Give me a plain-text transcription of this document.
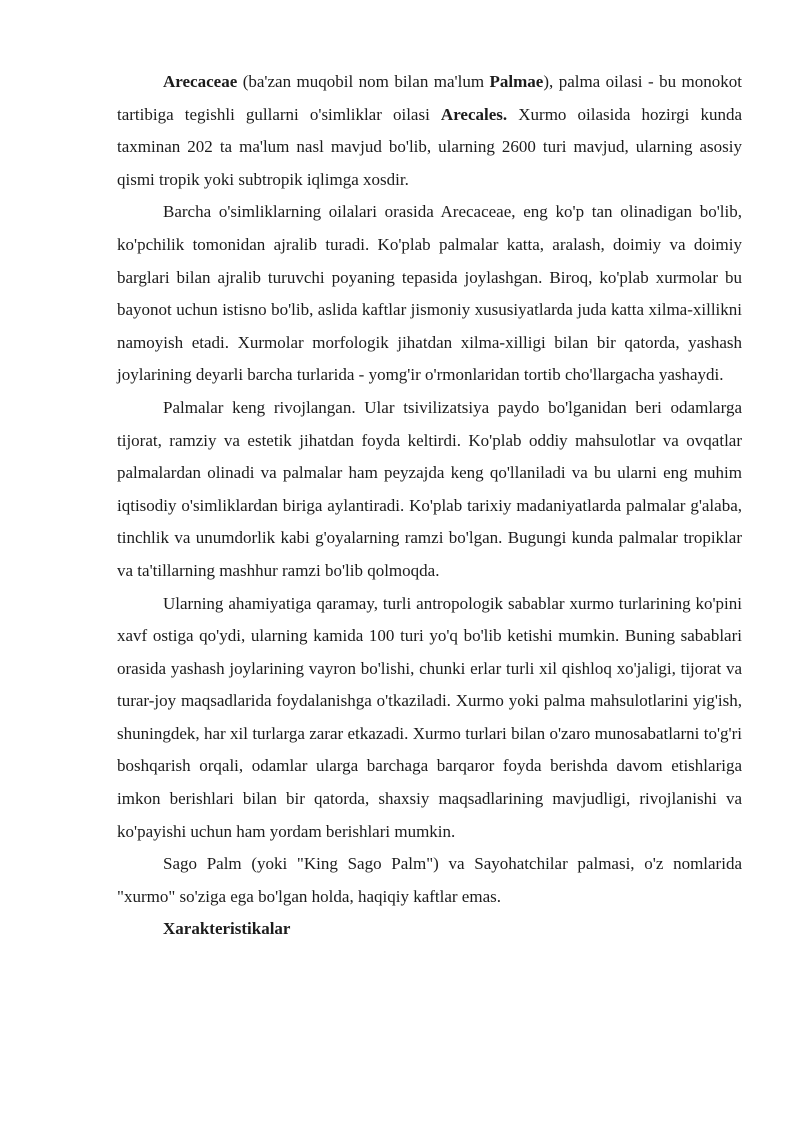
Arecaceae (ba'zan muqobil nom bilan ma'lum Palmae), palma oilasi - bu monokot tartibiga tegishli gullarni o'simliklar oilasi Arecales. Xurmo oilasida hozirgi kunda taxminan 202 ta ma'lum nasl mavjud bo'lib, ularning 2600 turi mavjud, ularning asosiy qismi tropik yoki subtropik iqlimga xosdir.

Barcha o'simliklarning oilalari orasida Arecaceae, eng ko'p tan olinadigan bo'lib, ko'pchilik tomonidan ajralib turadi. Ko'plab palmalar katta, aralash, doimiy va doimiy barglari bilan ajralib turuvchi poyaning tepasida joylashgan. Biroq, ko'plab xurmolar bu bayonot uchun istisno bo'lib, aslida kaftlar jismoniy xususiyatlarda juda katta xilma-xillikni namoyish etadi. Xurmolar morfologik jihatdan xilma-xilligi bilan bir qatorda, yashash joylarining deyarli barcha turlarida - yomg'ir o'rmonlaridan tortib cho'llargacha yashaydi.

Palmalar keng rivojlangan. Ular tsivilizatsiya paydo bo'lganidan beri odamlarga tijorat, ramziy va estetik jihatdan foyda keltirdi. Ko'plab oddiy mahsulotlar va ovqatlar palmalardan olinadi va palmalar ham peyzajda keng qo'llaniladi va bu ularni eng muhim iqtisodiy o'simliklardan biriga aylantiradi. Ko'plab tarixiy madaniyatlarda palmalar g'alaba, tinchlik va unumdorlik kabi g'oyalarning ramzi bo'lgan. Bugungi kunda palmalar tropiklar va ta'tillarning mashhur ramzi bo'lib qolmoqda.

Ularning ahamiyatiga qaramay, turli antropologik sabablar xurmo turlarining ko'pini xavf ostiga qo'ydi, ularning kamida 100 turi yo'q bo'lib ketishi mumkin. Buning sabablari orasida yashash joylarining vayron bo'lishi, chunki erlar turli xil qishloq xo'jaligi, tijorat va turar-joy maqsadlarida foydalanishga o'tkaziladi. Xurmo yoki palma mahsulotlarini yig'ish, shuningdek, har xil turlarga zarar etkazadi. Xurmo turlari bilan o'zaro munosabatlarni to'g'ri boshqarish orqali, odamlar ularga barchaga barqaror foyda berishda davom etishlariga imkon berishlari bilan bir qatorda, shaxsiy maqsadlarining mavjudligi, rivojlanishi va ko'payishi uchun ham yordam berishlari mumkin.

Sago Palm (yoki "King Sago Palm") va Sayohatchilar palmasi, o'z nomlarida "xurmo" so'ziga ega bo'lgan holda, haqiqiy kaftlar emas.

Xarakteristikalar
